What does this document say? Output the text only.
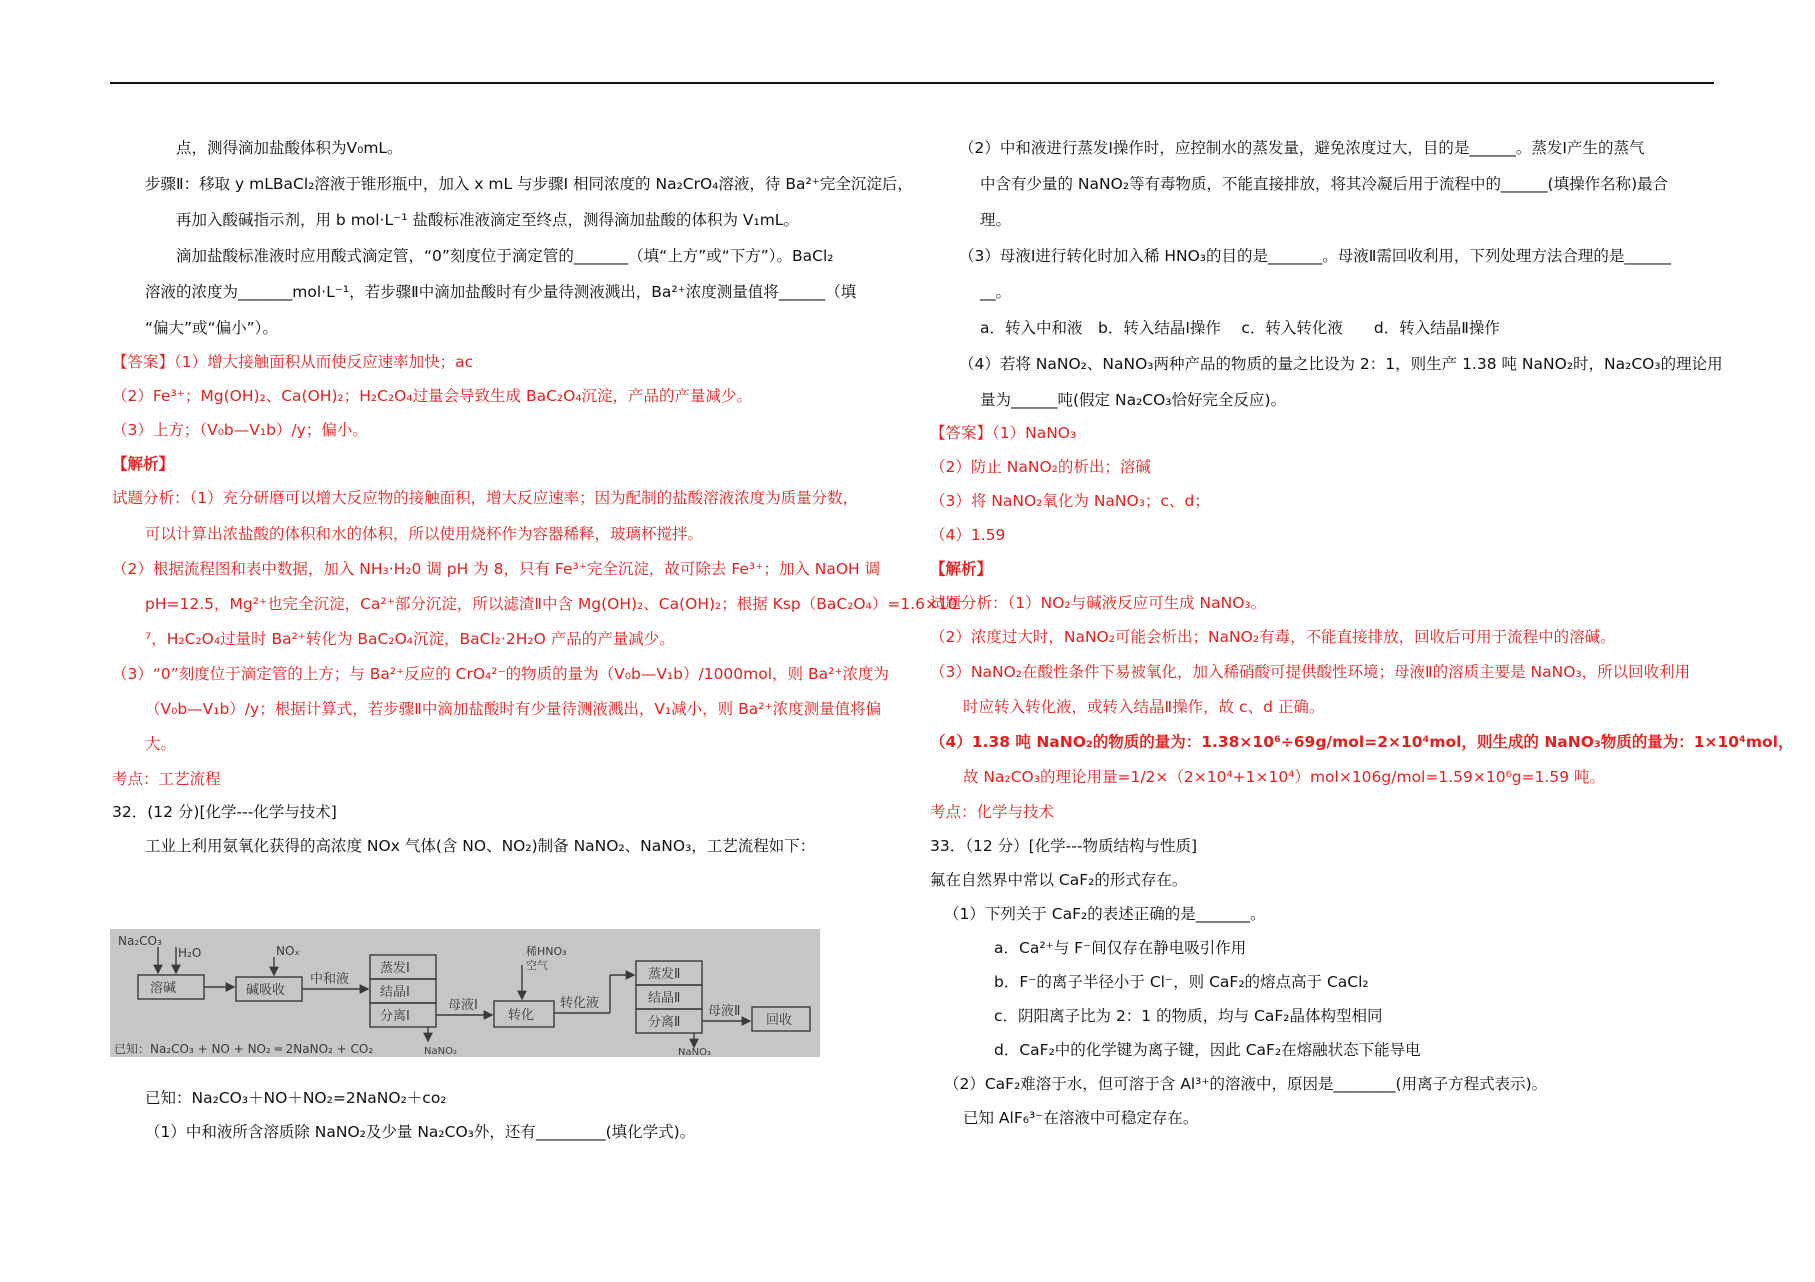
点，测得滴加盐酸体积为V₀mL。
步骤Ⅱ：移取 y mLBaCl₂溶液于锥形瓶中，加入 x mL 与步骤Ⅰ 相同浓度的 Na₂CrO₄溶液，待 Ba²⁺完全沉淀后，
再加入酸碱指示剂，用 b mol·L⁻¹ 盐酸标准液滴定至终点，测得滴加盐酸的体积为 V₁mL。
滴加盐酸标准液时应用酸式滴定管，“0”刻度位于滴定管的_______（填“上方”或“下方”）。BaCl₂
溶液的浓度为_______mol·L⁻¹，若步骤Ⅱ中滴加盐酸时有少量待测液溅出，Ba²⁺浓度测量值将______（填
“偏大”或“偏小”）。
【答案】（1）增大接触面积从而使反应速率加快；ac
（2）Fe³⁺；Mg(OH)₂、Ca(OH)₂；H₂C₂O₄过量会导致生成 BaC₂O₄沉淀，产品的产量减少。
（3）上方；（V₀b—V₁b）/y；偏小。
【解析】
试题分析：（1）充分研磨可以增大反应物的接触面积，增大反应速率；因为配制的盐酸溶液浓度为质量分数，
可以计算出浓盐酸的体积和水的体积，所以使用烧杯作为容器稀释，玻璃杯搅拌。
（2）根据流程图和表中数据，加入 NH₃·H₂0 调 pH 为 8，只有 Fe³⁺完全沉淀，故可除去 Fe³⁺；加入 NaOH 调
pH=12.5，Mg²⁺也完全沉淀，Ca²⁺部分沉淀，所以滤渣Ⅱ中含 Mg(OH)₂、Ca(OH)₂；根据 Ksp（BaC₂O₄）=1.6×10⁻
⁷，H₂C₂O₄过量时 Ba²⁺转化为 BaC₂O₄沉淀，BaCl₂·2H₂O 产品的产量减少。
（3）“0”刻度位于滴定管的上方；与 Ba²⁺反应的 CrO₄²⁻的物质的量为（V₀b—V₁b）/1000mol，则 Ba²⁺浓度为
（V₀b—V₁b）/y；根据计算式，若步骤Ⅱ中滴加盐酸时有少量待测液溅出，V₁减小，则 Ba²⁺浓度测量值将偏
大。
考点：工艺流程
32．(12 分)[化学---化学与技术]
工业上利用氨氧化获得的高浓度 NOx 气体(含 NO、NO₂)制备 NaNO₂、NaNO₃，工艺流程如下：
已知：Na₂CO₃＋NO＋NO₂=2NaNO₂＋co₂
（1）中和液所含溶质除 NaNO₂及少量 Na₂CO₃外，还有_________(填化学式)。
（2）中和液进行蒸发Ⅰ操作时，应控制水的蒸发量，避免浓度过大，目的是______。蒸发Ⅰ产生的蒸气
中含有少量的 NaNO₂等有毒物质，不能直接排放，将其冷凝后用于流程中的______(填操作名称)最合
理。
（3）母液Ⅰ进行转化时加入稀 HNO₃的目的是_______。母液Ⅱ需回收利用，下列处理方法合理的是______
__。
a．转入中和液　b．转入结晶Ⅰ操作　 c．转入转化液　　d．转入结晶Ⅱ操作
（4）若将 NaNO₂、NaNO₃两种产品的物质的量之比设为 2：1，则生产 1.38 吨 NaNO₂时，Na₂CO₃的理论用
量为______吨(假定 Na₂CO₃恰好完全反应)。
【答案】（1）NaNO₃
（2）防止 NaNO₂的析出；溶碱
（3）将 NaNO₂氧化为 NaNO₃；c、d；
（4）1.59
【解析】
试题分析：（1）NO₂与碱液反应可生成 NaNO₃。
（2）浓度过大时，NaNO₂可能会析出；NaNO₂有毒，不能直接排放，回收后可用于流程中的溶碱。
（3）NaNO₂在酸性条件下易被氧化，加入稀硝酸可提供酸性环境；母液Ⅱ的溶质主要是 NaNO₃，所以回收利用
时应转入转化液，或转入结晶Ⅱ操作，故 c、d 正确。
（4）1.38 吨 NaNO₂的物质的量为：1.38×10⁶÷69g/mol=2×10⁴mol，则生成的 NaNO₃物质的量为：1×10⁴mol，
故 Na₂CO₃的理论用量=1/2×（2×10⁴+1×10⁴）mol×106g/mol=1.59×10⁶g=1.59 吨。
考点：化学与技术
33．（12 分）[化学---物质结构与性质]
氟在自然界中常以 CaF₂的形式存在。
（1）下列关于 CaF₂的表述正确的是_______。
a．Ca²⁺与 F⁻间仅存在静电吸引作用
b．F⁻的离子半径小于 Cl⁻，则 CaF₂的熔点高于 CaCl₂
c．阴阳离子比为 2：1 的物质，均与 CaF₂晶体构型相同
d．CaF₂中的化学键为离子键，因此 CaF₂在熔融状态下能导电
（2）CaF₂难溶于水，但可溶于含 Al³⁺的溶液中，原因是________(用离子方程式表示)。
已知 AlF₆³⁻在溶液中可稳定存在。
Na₂CO₃
H₂O
溶碱
NOₓ
碱吸收
中和液
蒸发Ⅰ
结晶Ⅰ
分离Ⅰ
母液Ⅰ
NaNO₂
稀HNO₃
空气
转化
转化液
蒸发Ⅱ
结晶Ⅱ
分离Ⅱ
母液Ⅱ
回收
NaNO₃
已知：Na₂CO₃ + NO + NO₂ ═ 2NaNO₂ + CO₂
